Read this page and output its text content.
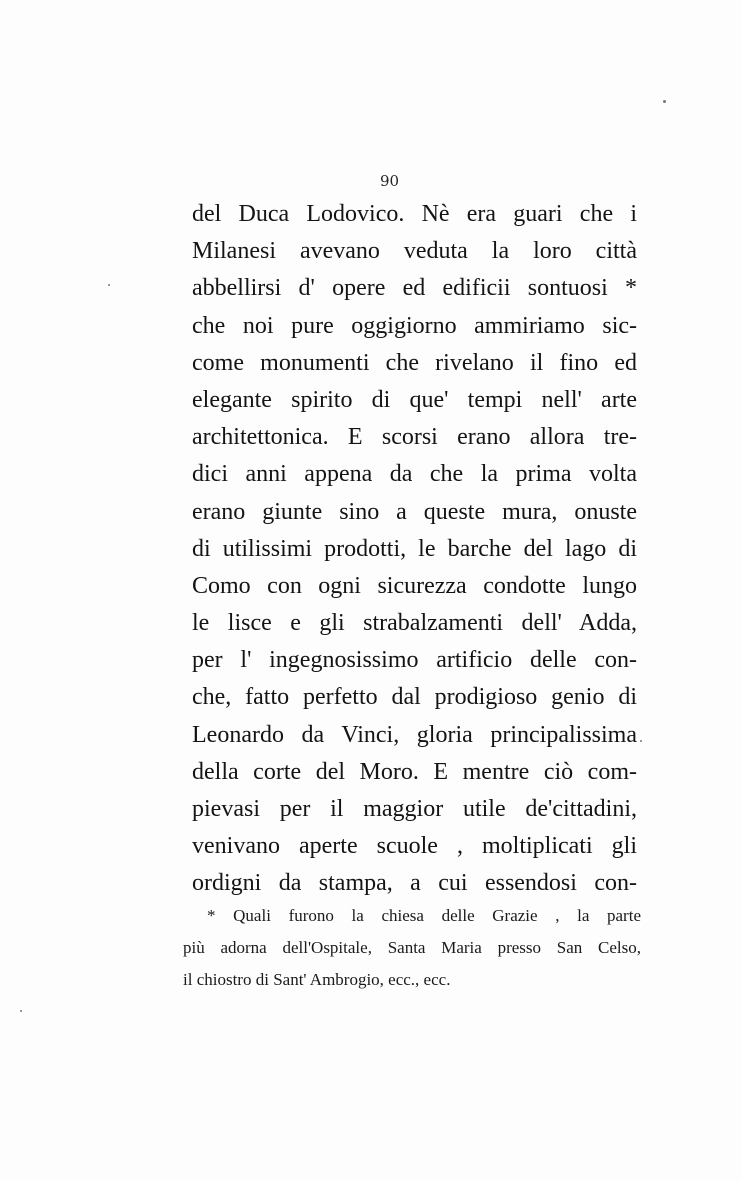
90
del Duca Lodovico. Nè era guari che i
Milanesi avevano veduta la loro città
abbellirsi d' opere ed edificii sontuosi *
che noi pure oggigiorno ammiriamo sic-
come monumenti che rivelano il fino ed
elegante spirito di que' tempi nell' arte
architettonica. E scorsi erano allora tre-
dici anni appena da che la prima volta
erano giunte sino a queste mura, onuste
di utilissimi prodotti, le barche del lago di
Como con ogni sicurezza condotte lungo
le lisce e gli strabalzamenti dell' Adda,
per l' ingegnosissimo artificio delle con-
che, fatto perfetto dal prodigioso genio di
Leonardo da Vinci, gloria principalissima
della corte del Moro. E mentre ciò com-
pievasi per il maggior utile de'cittadini,
venivano aperte scuole , moltiplicati gli
ordigni da stampa, a cui essendosi con-
* Quali furono la chiesa delle Grazie , la parte
più adorna dell'Ospitale, Santa Maria presso San Celso,
il chiostro di Sant' Ambrogio, ecc., ecc.
